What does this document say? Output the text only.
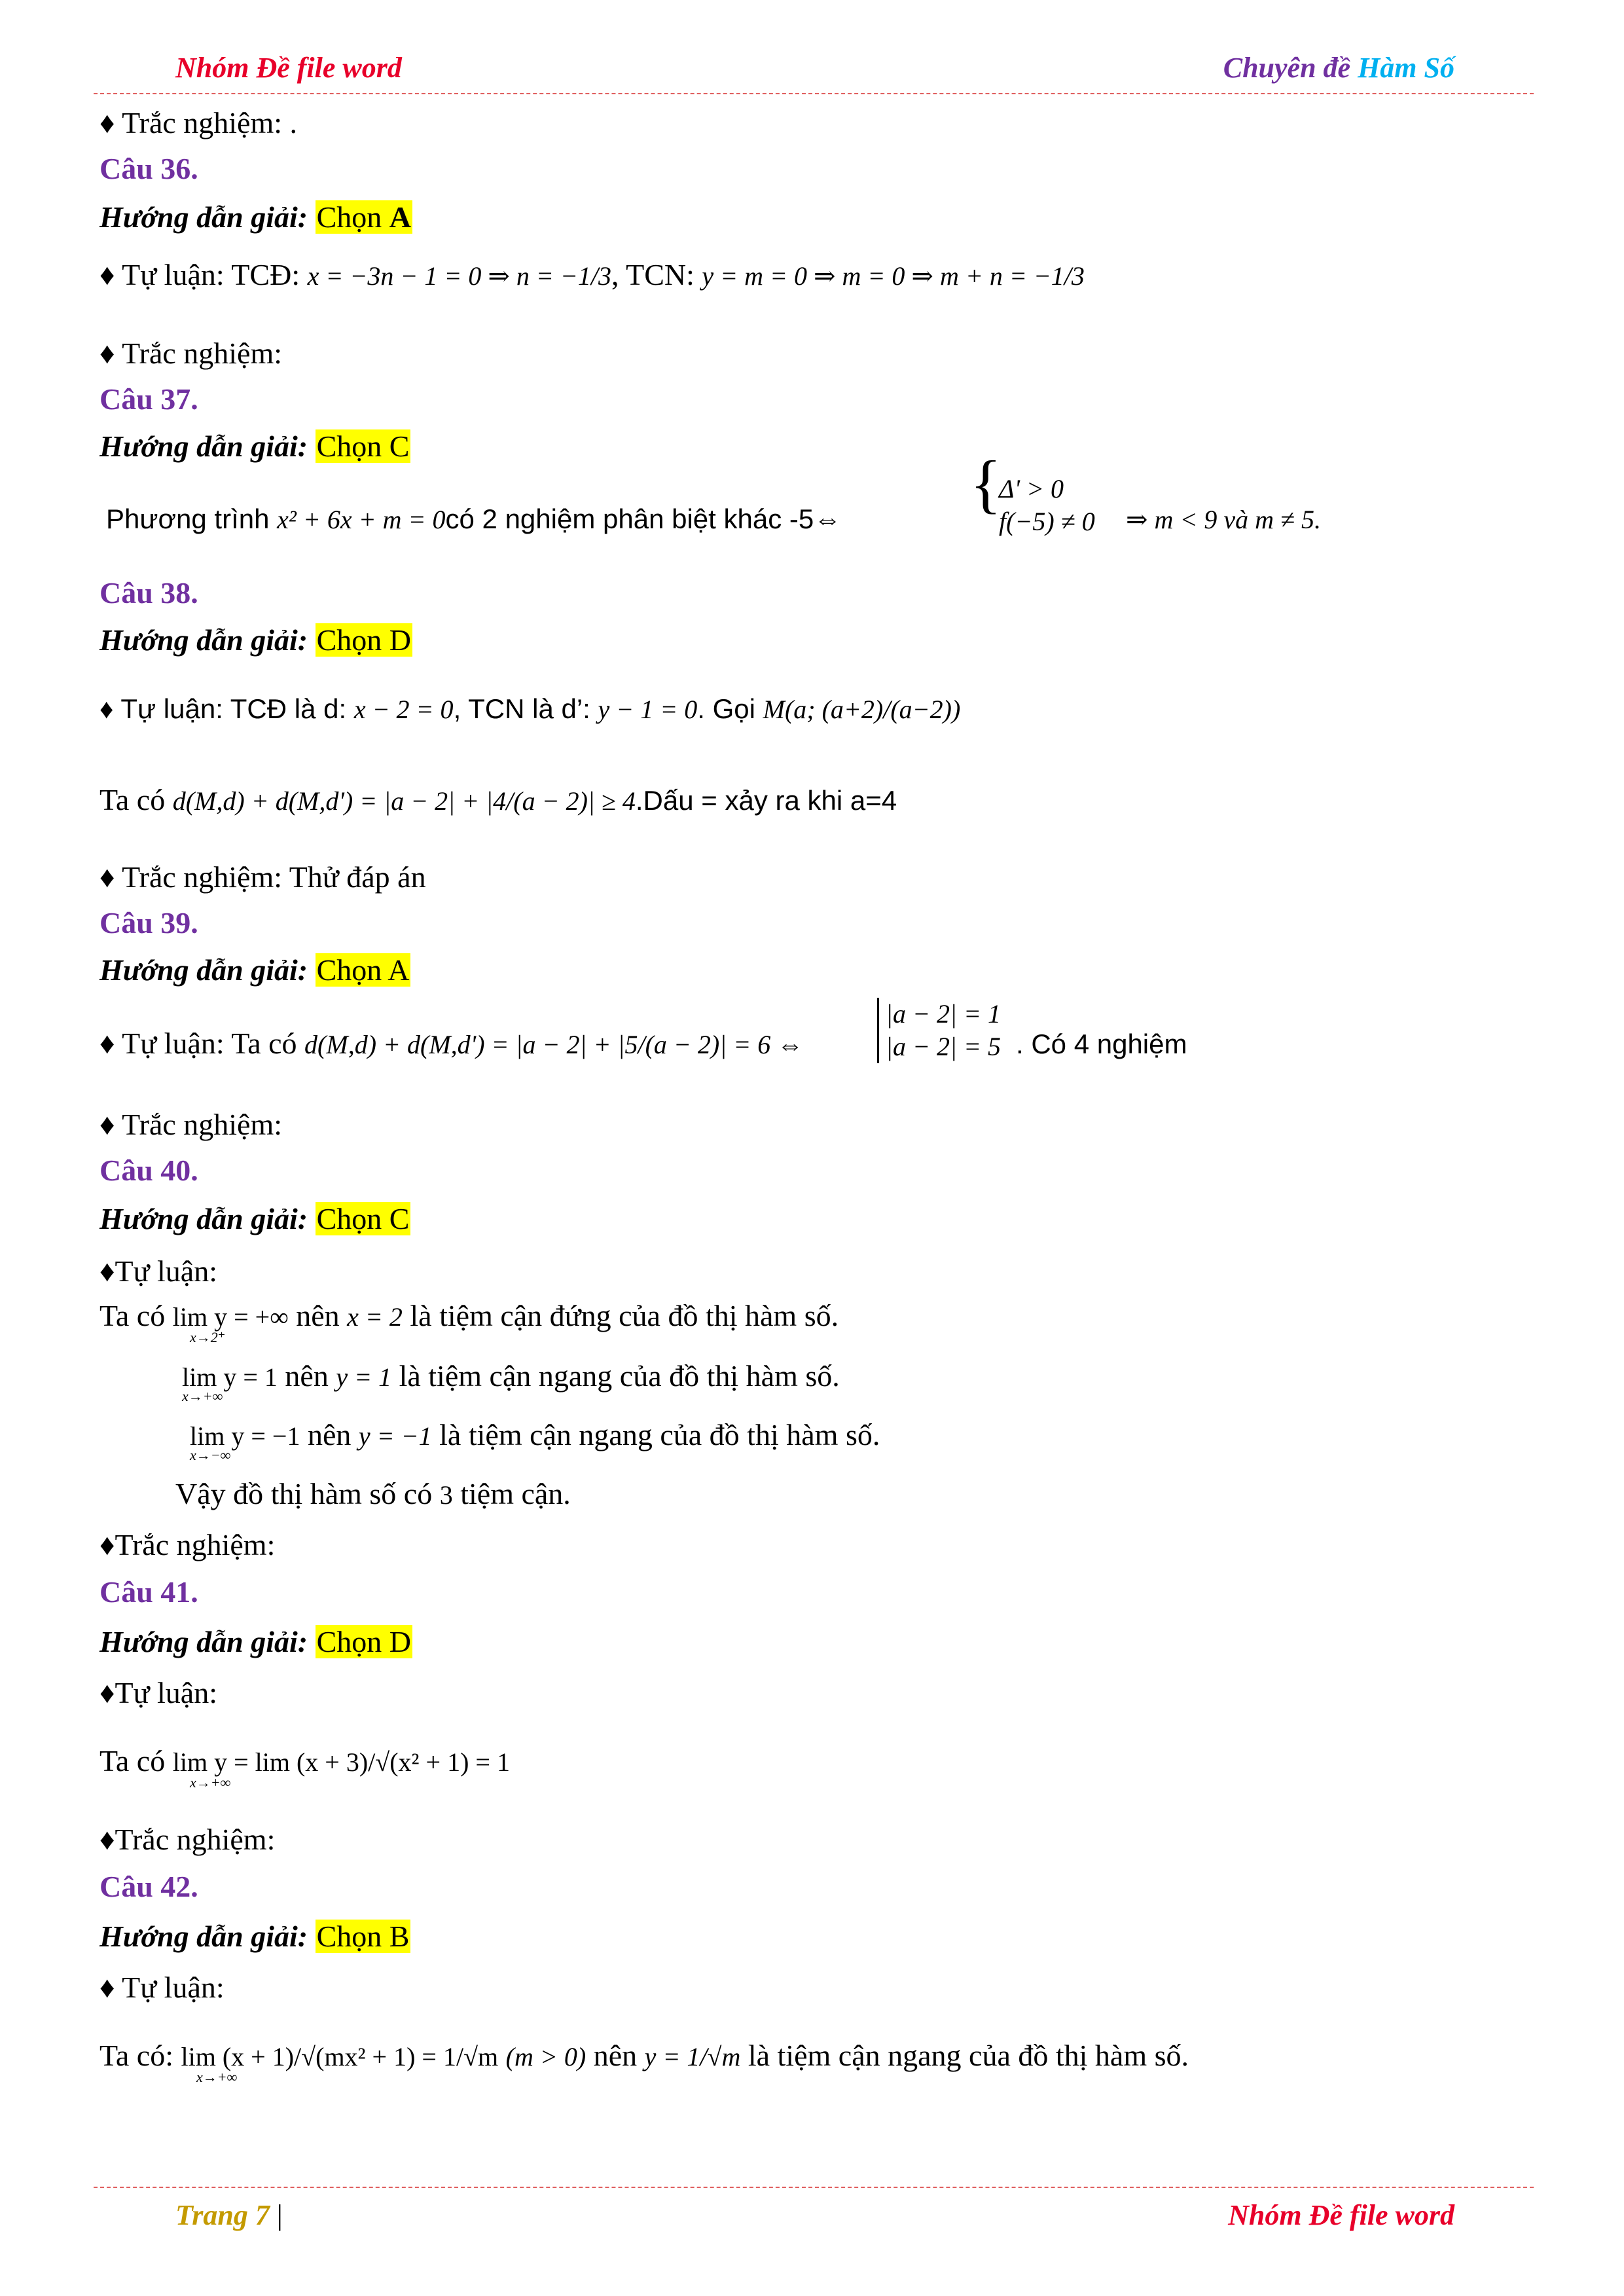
Nhóm Đề file word	Chuyên đề Hàm Số
♦ Trắc nghiệm: .
Câu 36.
Hướng dẫn giải: Chọn A
♦ Tự luận: TCĐ: x = −3n − 1 = 0 ⇒ n = −1/3, TCN: y = m = 0 ⇒ m = 0 ⇒ m + n = −1/3
♦ Trắc nghiệm:
Câu 37.
Hướng dẫn giải: Chọn C
Phương trình x² + 6x + m = 0có 2 nghiệm phân biệt khác -5⇔ {
Δ' > 0
f(−5) ≠ 0 ⇒ m < 9 và m ≠ 5.
Câu 38.
Hướng dẫn giải: Chọn D
♦ Tự luận: TCĐ là d: x − 2 = 0, TCN là d’: y − 1 = 0. Gọi M(a; (a+2)/(a−2))
Ta có d(M,d) + d(M,d') = |a − 2| + |4/(a − 2)| ≥ 4.Dấu = xảy ra khi a=4
♦ Trắc nghiệm: Thử đáp án
Câu 39.
Hướng dẫn giải: Chọn A
♦ Tự luận: Ta có d(M,d) + d(M,d') = |a − 2| + |5/(a − 2)| = 6 ⇔
|a − 2| = 1
|a − 2| = 5 . Có 4 nghiệm
♦ Trắc nghiệm:
Câu 40.
Hướng dẫn giải: Chọn C
♦Tự luận:
Ta có lim y = +∞ nên x = 2 là tiệm cận đứng của đồ thị hàm số.
x→2⁺
lim y = 1 nên y = 1 là tiệm cận ngang của đồ thị hàm số.
x→+∞
lim y = −1 nên y = −1 là tiệm cận ngang của đồ thị hàm số.
x→−∞
Vậy đồ thị hàm số có 3 tiệm cận.
♦Trắc nghiệm:
Câu 41.
Hướng dẫn giải: Chọn D
♦Tự luận:
Ta có lim y = lim (x + 3)/√(x² + 1) = 1
x→+∞
♦Trắc nghiệm:
Câu 42.
Hướng dẫn giải: Chọn B
♦ Tự luận:
Ta có: lim (x + 1)/√(mx² + 1) = 1/√m (m > 0) nên y = 1/√m là tiệm cận ngang của đồ thị hàm số.
x→+∞
Trang 7 |	Nhóm Đề file word
